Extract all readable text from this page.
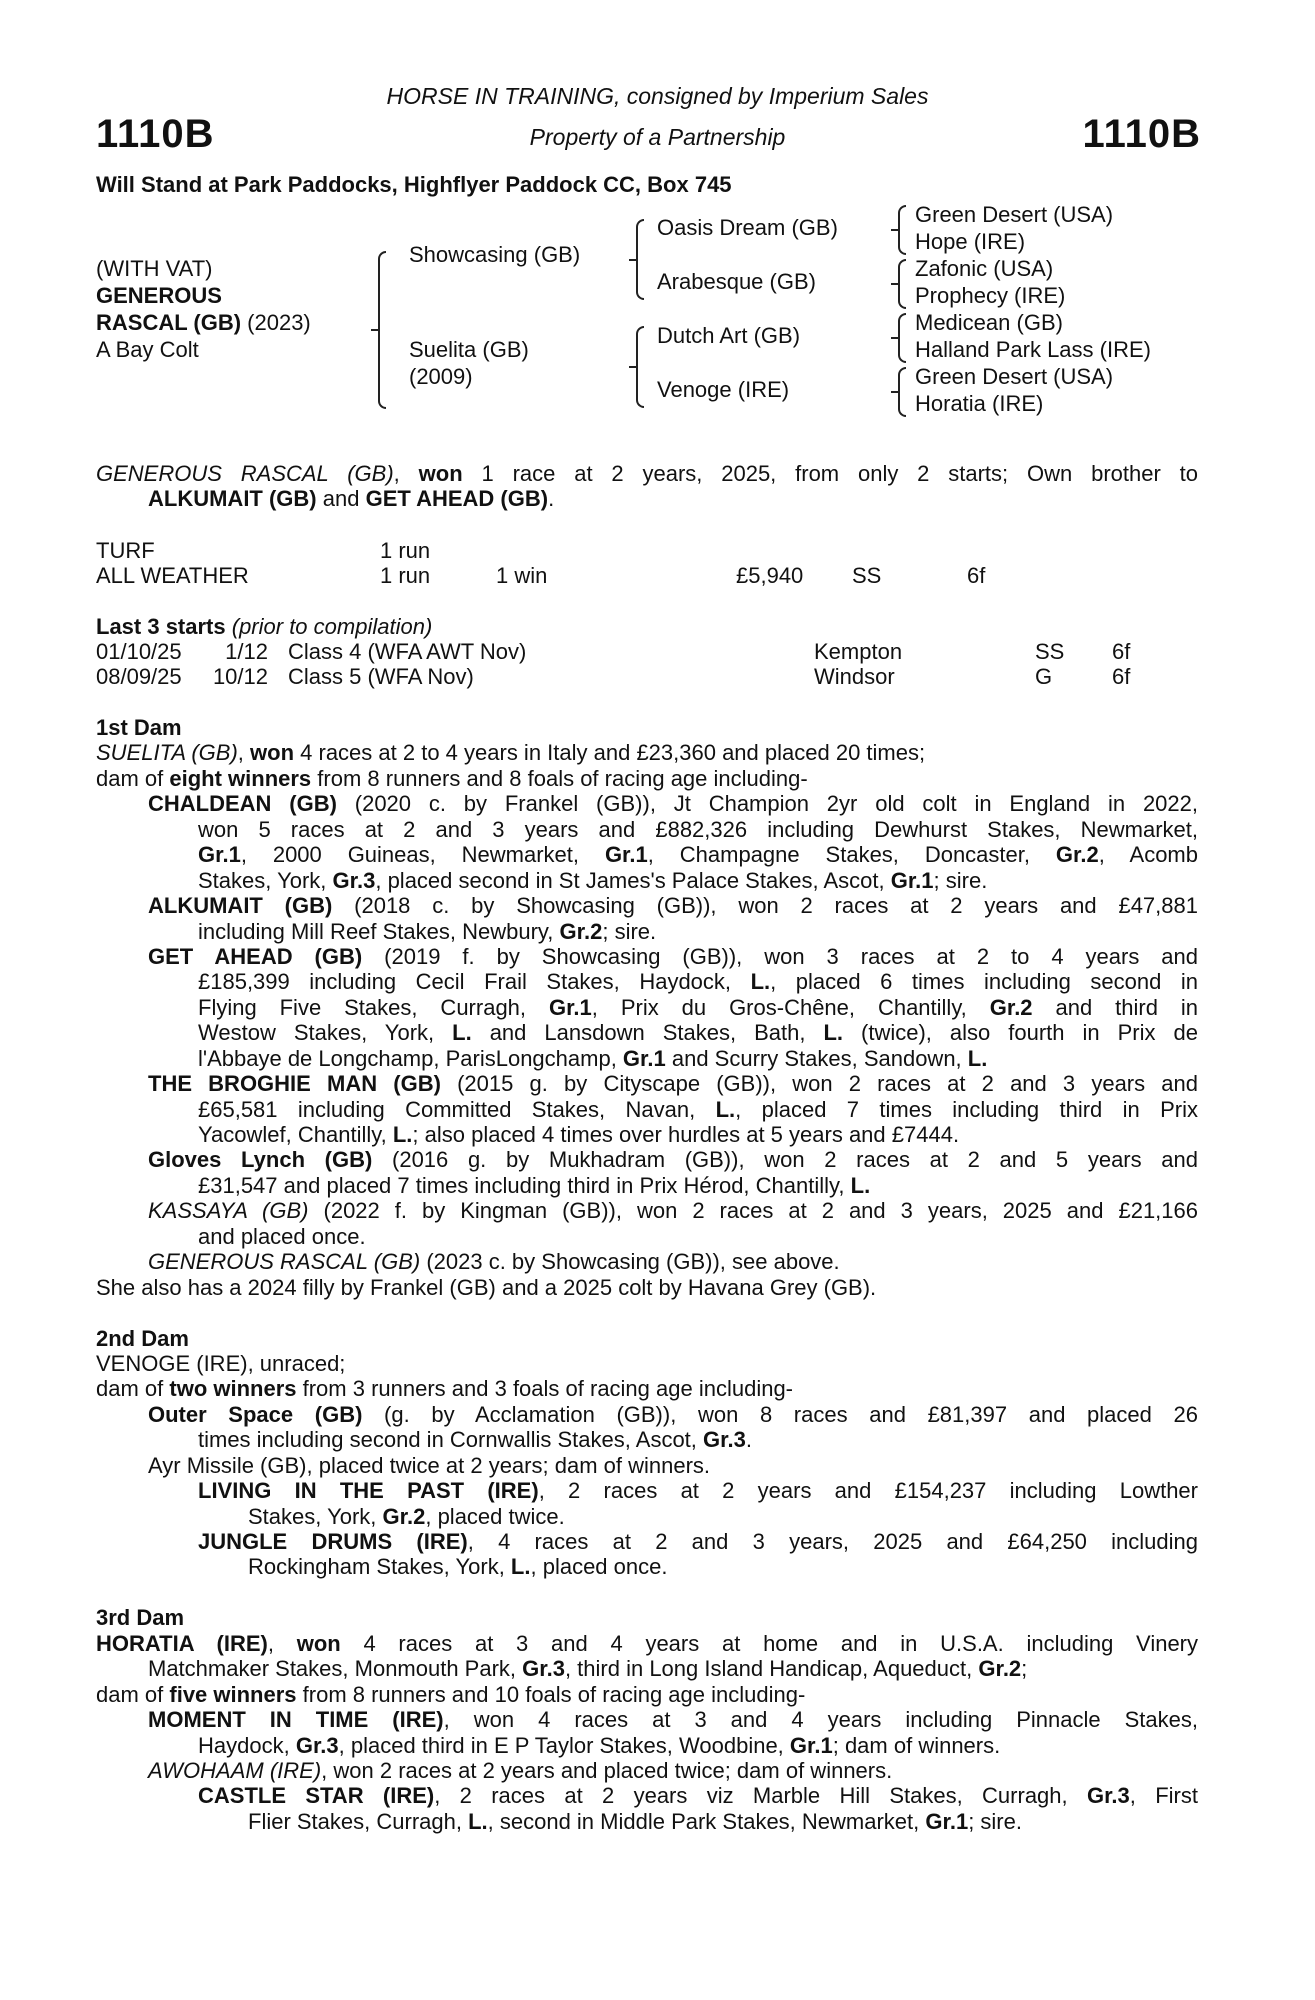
HORSE IN TRAINING, consigned by Imperium Sales
1110B	Property of a Partnership	1110B
Will Stand at Park Paddocks, Highflyer Paddock CC, Box 745
(WITH VAT)
GENEROUS
RASCAL (GB) (2023)
A Bay Colt
Showcasing (GB)
Suelita (GB)
(2009)
Oasis Dream (GB)
Arabesque (GB)
Dutch Art (GB)
Venoge (IRE)
Green Desert (USA)
Hope (IRE)
Zafonic (USA)
Prophecy (IRE)
Medicean (GB)
Halland Park Lass (IRE)
Green Desert (USA)
Horatia (IRE)
GENEROUS RASCAL (GB), won 1 race at 2 years, 2025, from only 2 starts; Own brother to
ALKUMAIT (GB) and GET AHEAD (GB).
TURF	1 run
ALL WEATHER	1 run	1 win	£5,940 SS	6f
Last 3 starts (prior to compilation)
01/10/25	1/12 Class 4 (WFA AWT Nov)	Kempton	SS 6f
08/09/25	10/12 Class 5 (WFA Nov)	Windsor	G	6f
1st Dam
SUELITA (GB), won 4 races at 2 to 4 years in Italy and £23,360 and placed 20 times;
dam of eight winners from 8 runners and 8 foals of racing age including-
CHALDEAN (GB) (2020 c. by Frankel (GB)), Jt Champion 2yr old colt in England in 2022,
won 5 races at 2 and 3 years and £882,326 including Dewhurst Stakes, Newmarket,
Gr.1, 2000 Guineas, Newmarket, Gr.1, Champagne Stakes, Doncaster, Gr.2, Acomb
Stakes, York, Gr.3, placed second in St James's Palace Stakes, Ascot, Gr.1; sire.
ALKUMAIT (GB) (2018 c. by Showcasing (GB)), won 2 races at 2 years and £47,881
including Mill Reef Stakes, Newbury, Gr.2; sire.
GET AHEAD (GB) (2019 f. by Showcasing (GB)), won 3 races at 2 to 4 years and
£185,399 including Cecil Frail Stakes, Haydock, L., placed 6 times including second in
Flying Five Stakes, Curragh, Gr.1, Prix du Gros-Chêne, Chantilly, Gr.2 and third in
Westow Stakes, York, L. and Lansdown Stakes, Bath, L. (twice), also fourth in Prix de
l'Abbaye de Longchamp, ParisLongchamp, Gr.1 and Scurry Stakes, Sandown, L.
THE BROGHIE MAN (GB) (2015 g. by Cityscape (GB)), won 2 races at 2 and 3 years and
£65,581 including Committed Stakes, Navan, L., placed 7 times including third in Prix
Yacowlef, Chantilly, L.; also placed 4 times over hurdles at 5 years and £7444.
Gloves Lynch (GB) (2016 g. by Mukhadram (GB)), won 2 races at 2 and 5 years and
£31,547 and placed 7 times including third in Prix Hérod, Chantilly, L.
KASSAYA (GB) (2022 f. by Kingman (GB)), won 2 races at 2 and 3 years, 2025 and £21,166
and placed once.
GENEROUS RASCAL (GB) (2023 c. by Showcasing (GB)), see above.
She also has a 2024 filly by Frankel (GB) and a 2025 colt by Havana Grey (GB).

2nd Dam
VENOGE (IRE), unraced;
dam of two winners from 3 runners and 3 foals of racing age including-
Outer Space (GB) (g. by Acclamation (GB)), won 8 races and £81,397 and placed 26
times including second in Cornwallis Stakes, Ascot, Gr.3.
Ayr Missile (GB), placed twice at 2 years; dam of winners.
LIVING IN THE PAST (IRE), 2 races at 2 years and £154,237 including Lowther
Stakes, York, Gr.2, placed twice.
JUNGLE DRUMS (IRE), 4 races at 2 and 3 years, 2025 and £64,250 including
Rockingham Stakes, York, L., placed once.

3rd Dam
HORATIA (IRE), won 4 races at 3 and 4 years at home and in U.S.A. including Vinery
Matchmaker Stakes, Monmouth Park, Gr.3, third in Long Island Handicap, Aqueduct, Gr.2;
dam of five winners from 8 runners and 10 foals of racing age including-
MOMENT IN TIME (IRE), won 4 races at 3 and 4 years including Pinnacle Stakes,
Haydock, Gr.3, placed third in E P Taylor Stakes, Woodbine, Gr.1; dam of winners.
AWOHAAM (IRE), won 2 races at 2 years and placed twice; dam of winners.
CASTLE STAR (IRE), 2 races at 2 years viz Marble Hill Stakes, Curragh, Gr.3, First
Flier Stakes, Curragh, L., second in Middle Park Stakes, Newmarket, Gr.1; sire.
